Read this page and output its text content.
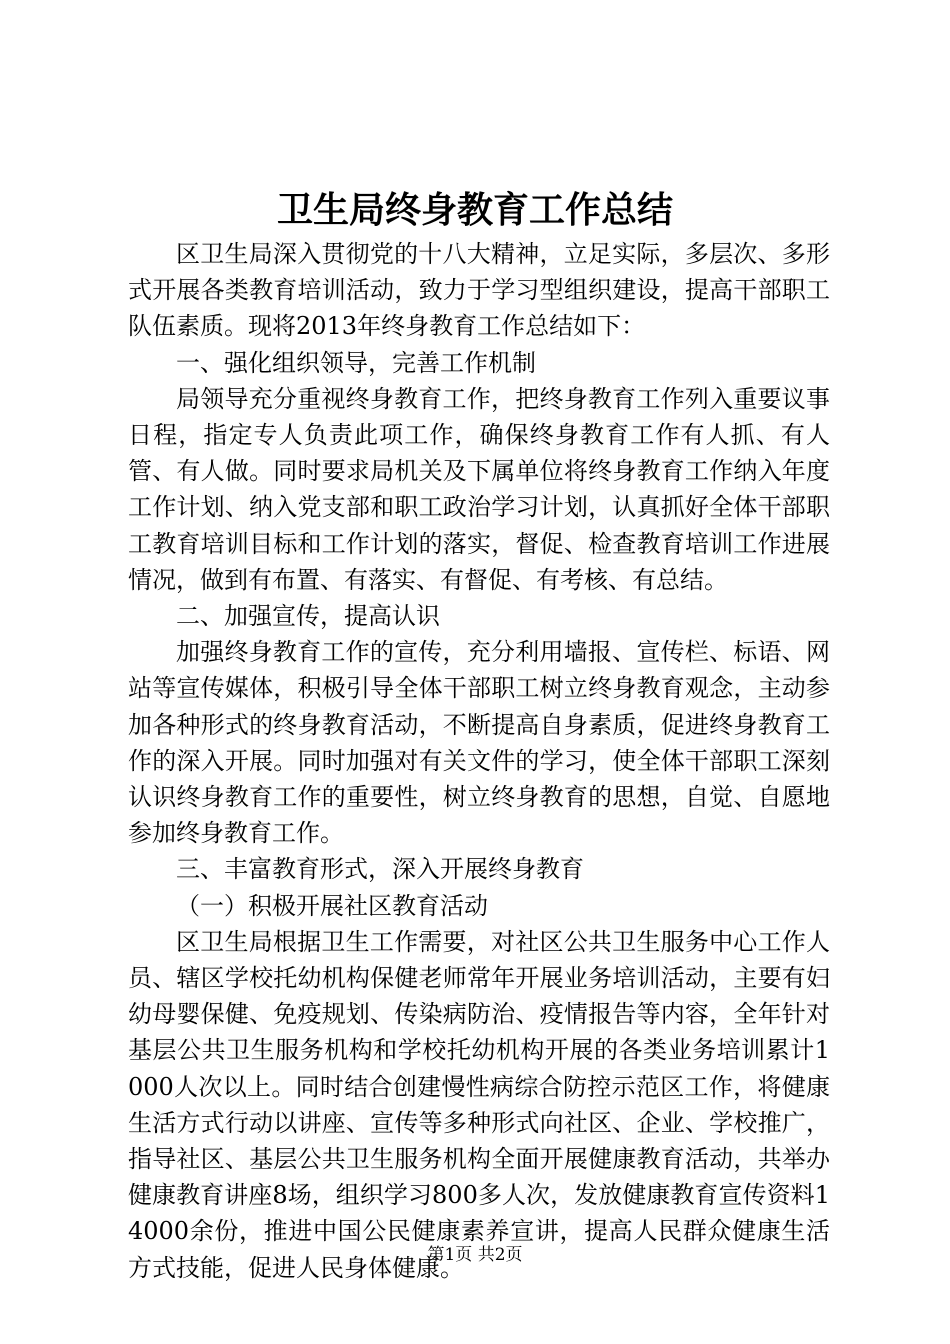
卫生局终身教育工作总结

区卫生局深入贯彻党的十八大精神，立足实际，多层次、多形式开展各类教育培训活动，致力于学习型组织建设，提高干部职工队伍素质。现将2013年终身教育工作总结如下：

一、强化组织领导，完善工作机制

局领导充分重视终身教育工作，把终身教育工作列入重要议事日程，指定专人负责此项工作，确保终身教育工作有人抓、有人管、有人做。同时要求局机关及下属单位将终身教育工作纳入年度工作计划、纳入党支部和职工政治学习计划，认真抓好全体干部职工教育培训目标和工作计划的落实，督促、检查教育培训工作进展情况，做到有布置、有落实、有督促、有考核、有总结。

二、加强宣传，提高认识

加强终身教育工作的宣传，充分利用墙报、宣传栏、标语、网站等宣传媒体，积极引导全体干部职工树立终身教育观念，主动参加各种形式的终身教育活动，不断提高自身素质，促进终身教育工作的深入开展。同时加强对有关文件的学习，使全体干部职工深刻认识终身教育工作的重要性，树立终身教育的思想，自觉、自愿地参加终身教育工作。

三、丰富教育形式，深入开展终身教育

（一）积极开展社区教育活动

区卫生局根据卫生工作需要，对社区公共卫生服务中心工作人员、辖区学校托幼机构保健老师常年开展业务培训活动，主要有妇幼母婴保健、免疫规划、传染病防治、疫情报告等内容，全年针对基层公共卫生服务机构和学校托幼机构开展的各类业务培训累计1000人次以上。同时结合创建慢性病综合防控示范区工作，将健康生活方式行动以讲座、宣传等多种形式向社区、企业、学校推广，指导社区、基层公共卫生服务机构全面开展健康教育活动，共举办健康教育讲座8场，组织学习800多人次，发放健康教育宣传资料14000余份，推进中国公民健康素养宣讲，提高人民群众健康生活方式技能，促进人民身体健康。

第1页 共2页
